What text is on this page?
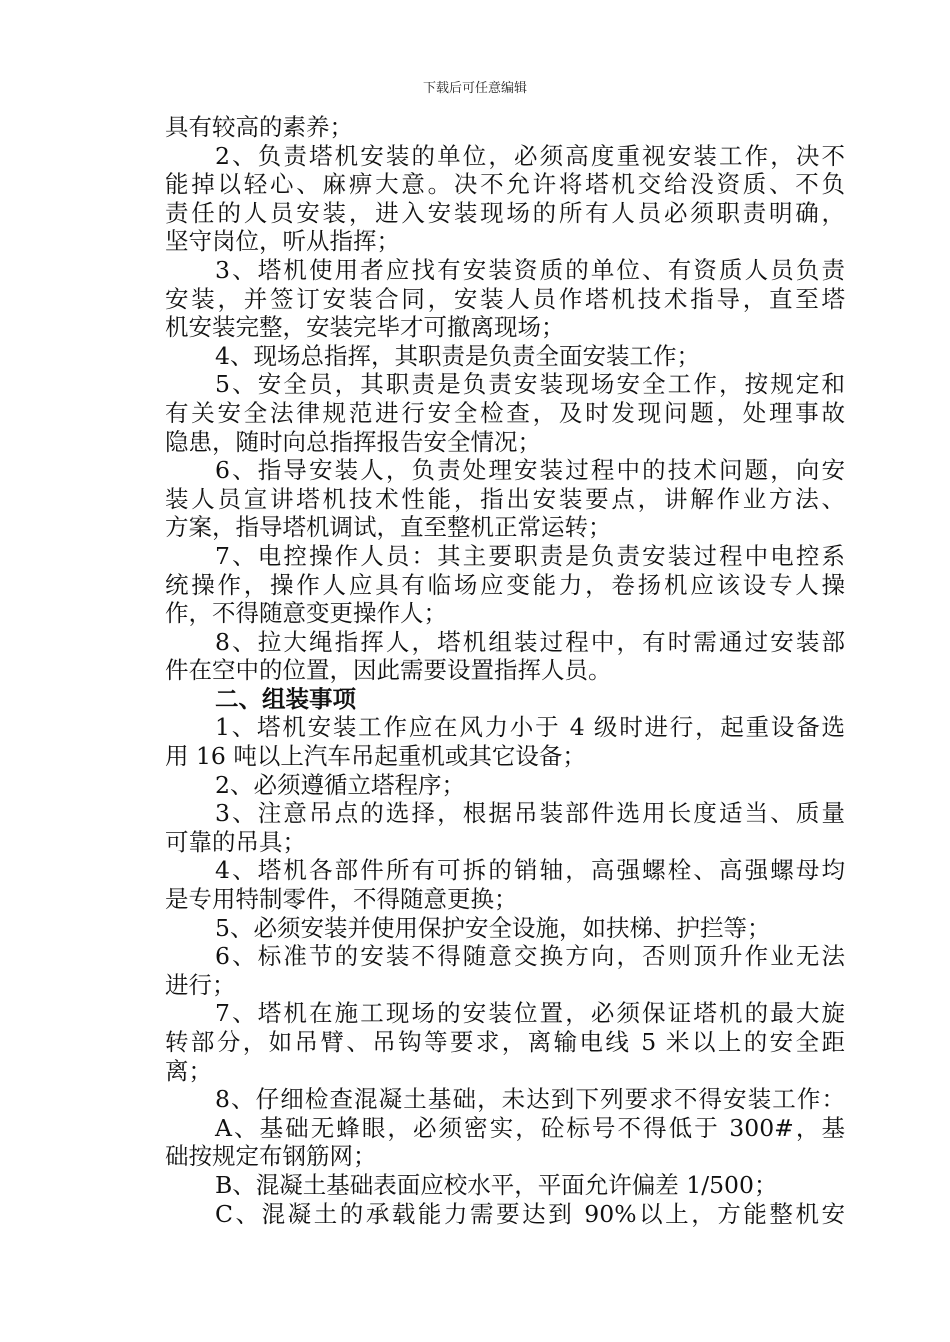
下载后可任意编辑
具有较高的素养；
2、负责塔机安装的单位，必须高度重视安装工作，决不
能掉以轻心、麻痹大意。决不允许将塔机交给没资质、不负
责任的人员安装，进入安装现场的所有人员必须职责明确，
坚守岗位，听从指挥；
3、塔机使用者应找有安装资质的单位、有资质人员负责
安装，并签订安装合同，安装人员作塔机技术指导，直至塔
机安装完整，安装完毕才可撤离现场；
4、现场总指挥，其职责是负责全面安装工作；
5、安全员，其职责是负责安装现场安全工作，按规定和
有关安全法律规范进行安全检查，及时发现问题，处理事故
隐患，随时向总指挥报告安全情况；
6、指导安装人，负责处理安装过程中的技术问题，向安
装人员宣讲塔机技术性能，指出安装要点，讲解作业方法、
方案，指导塔机调试，直至整机正常运转；
7、电控操作人员：其主要职责是负责安装过程中电控系
统操作，操作人应具有临场应变能力，卷扬机应该设专人操
作，不得随意变更操作人；
8、拉大绳指挥人，塔机组装过程中，有时需通过安装部
件在空中的位置，因此需要设置指挥人员。
二、组装事项
1、塔机安装工作应在风力小于 4 级时进行，起重设备选
用 16 吨以上汽车吊起重机或其它设备；
2、必须遵循立塔程序；
3、注意吊点的选择，根据吊装部件选用长度适当、质量
可靠的吊具；
4、塔机各部件所有可拆的销轴，高强螺栓、高强螺母均
是专用特制零件，不得随意更换；
5、必须安装并使用保护安全设施，如扶梯、护拦等；
6、标准节的安装不得随意交换方向，否则顶升作业无法
进行；
7、塔机在施工现场的安装位置，必须保证塔机的最大旋
转部分，如吊臂、吊钩等要求，离输电线 5 米以上的安全距
离；
8、仔细检查混凝土基础，未达到下列要求不得安装工作：
A、基础无蜂眼，必须密实，砼标号不得低于 300#，基
础按规定布钢筋网；
B、混凝土基础表面应校水平，平面允许偏差 1/500；
C、混凝土的承载能力需要达到 90%以上，方能整机安
